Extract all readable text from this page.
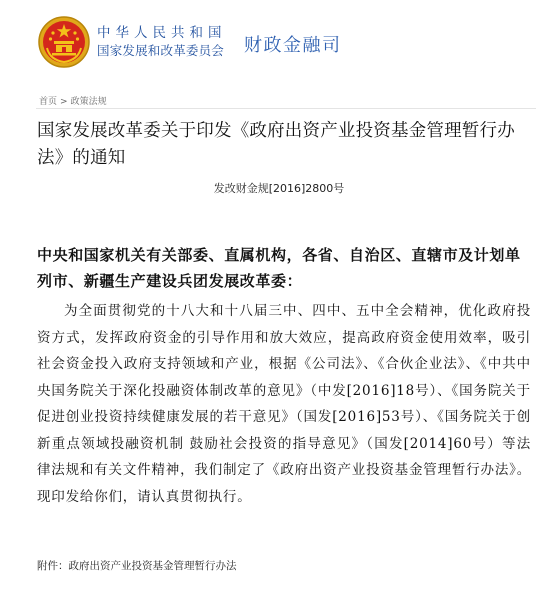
中华人民共和国
国家发展和改革委员会 财政金融司
首页 > 政策法规
国家发展改革委关于印发《政府出资产业投资基金管理暂行办法》的通知
发改财金规[2016]2800号
中央和国家机关有关部委、直属机构，各省、自治区、直辖市及计划单列市、新疆生产建设兵团发展改革委：
为全面贯彻党的十八大和十八届三中、四中、五中全会精神，优化政府投资方式，发挥政府资金的引导作用和放大效应，提高政府资金使用效率，吸引社会资金投入政府支持领域和产业，根据《公司法》、《合伙企业法》、《中共中央国务院关于深化投融资体制改革的意见》（中发[2016]18号）、《国务院关于促进创业投资持续健康发展的若干意见》（国发[2016]53号）、《国务院关于创新重点领域投融资机制 鼓励社会投资的指导意见》（国发[2014]60号）等法律法规和有关文件精神，我们制定了《政府出资产业投资基金管理暂行办法》。现印发给你们，请认真贯彻执行。
附件：政府出资产业投资基金管理暂行办法
